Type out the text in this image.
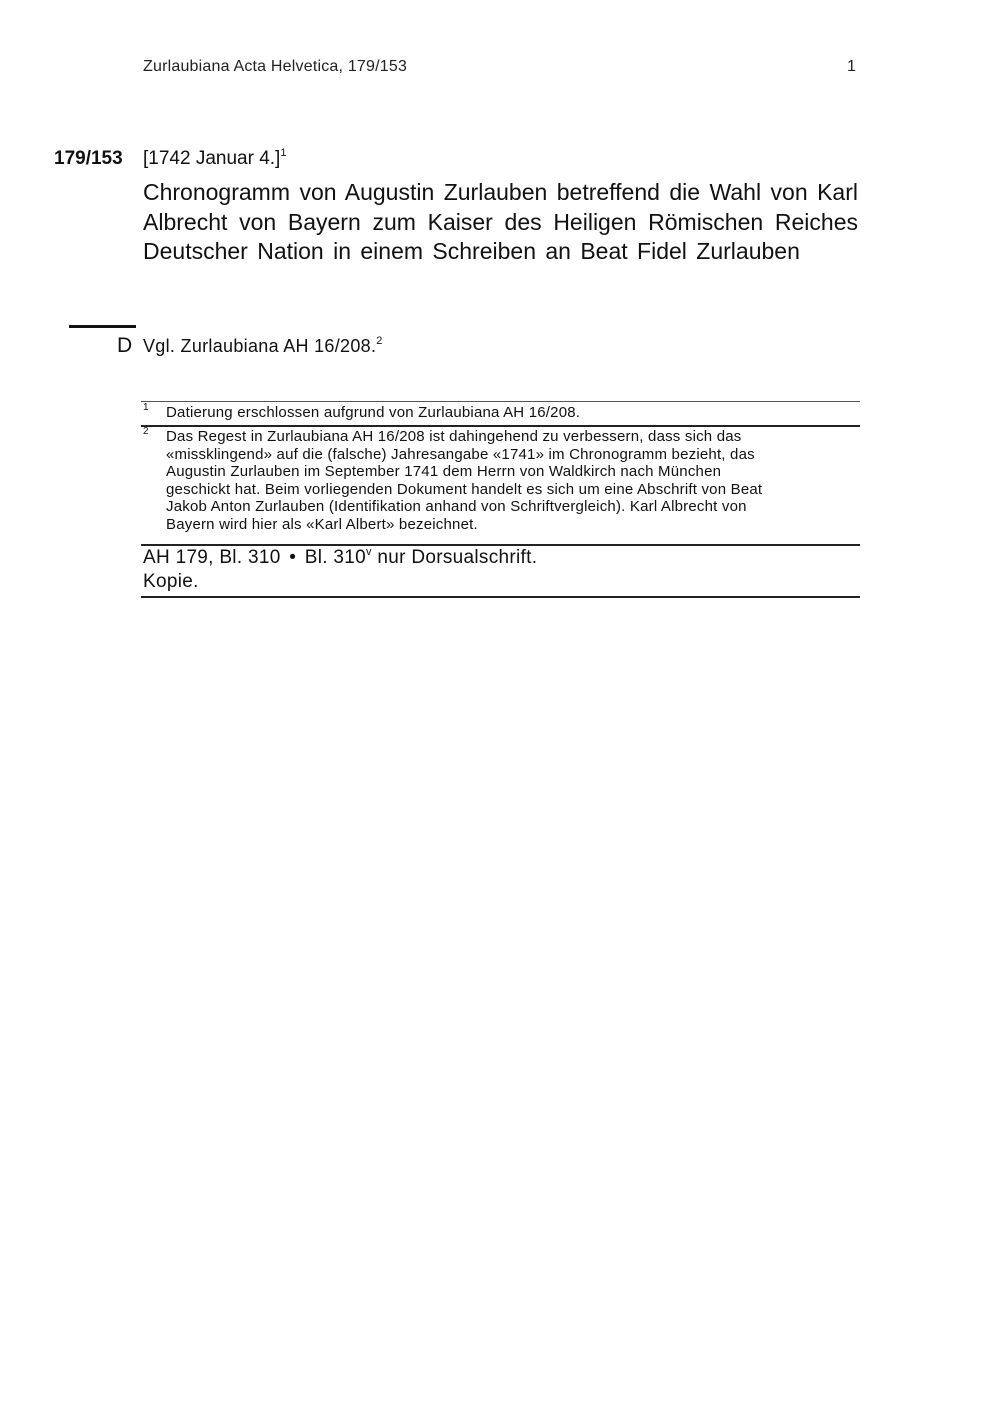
Zurlaubiana Acta Helvetica, 179/153	1
179/153 [1742 Januar 4.]$^1$
Chronogramm von Augustin Zurlauben betreffend die Wahl von Karl Albrecht von Bayern zum Kaiser des Heiligen Römischen Reiches Deutscher Nation in einem Schreiben an Beat Fidel Zurlauben
D Vgl. Zurlaubiana AH 16/208.$^2$
1 Datierung erschlossen aufgrund von Zurlaubiana AH 16/208.
2 Das Regest in Zurlaubiana AH 16/208 ist dahingehend zu verbessern, dass sich das
«missklingend» auf die (falsche) Jahresangabe «1741» im Chronogramm bezieht, das
Augustin Zurlauben im September 1741 dem Herrn von Waldkirch nach München
geschickt hat. Beim vorliegenden Dokument handelt es sich um eine Abschrift von Beat
Jakob Anton Zurlauben (Identifikation anhand von Schriftvergleich). Karl Albrecht von
Bayern wird hier als «Karl Albert» bezeichnet.
AH 179, Bl. 310 • Bl. 310$^v$ nur Dorsualschrift.
Kopie.
